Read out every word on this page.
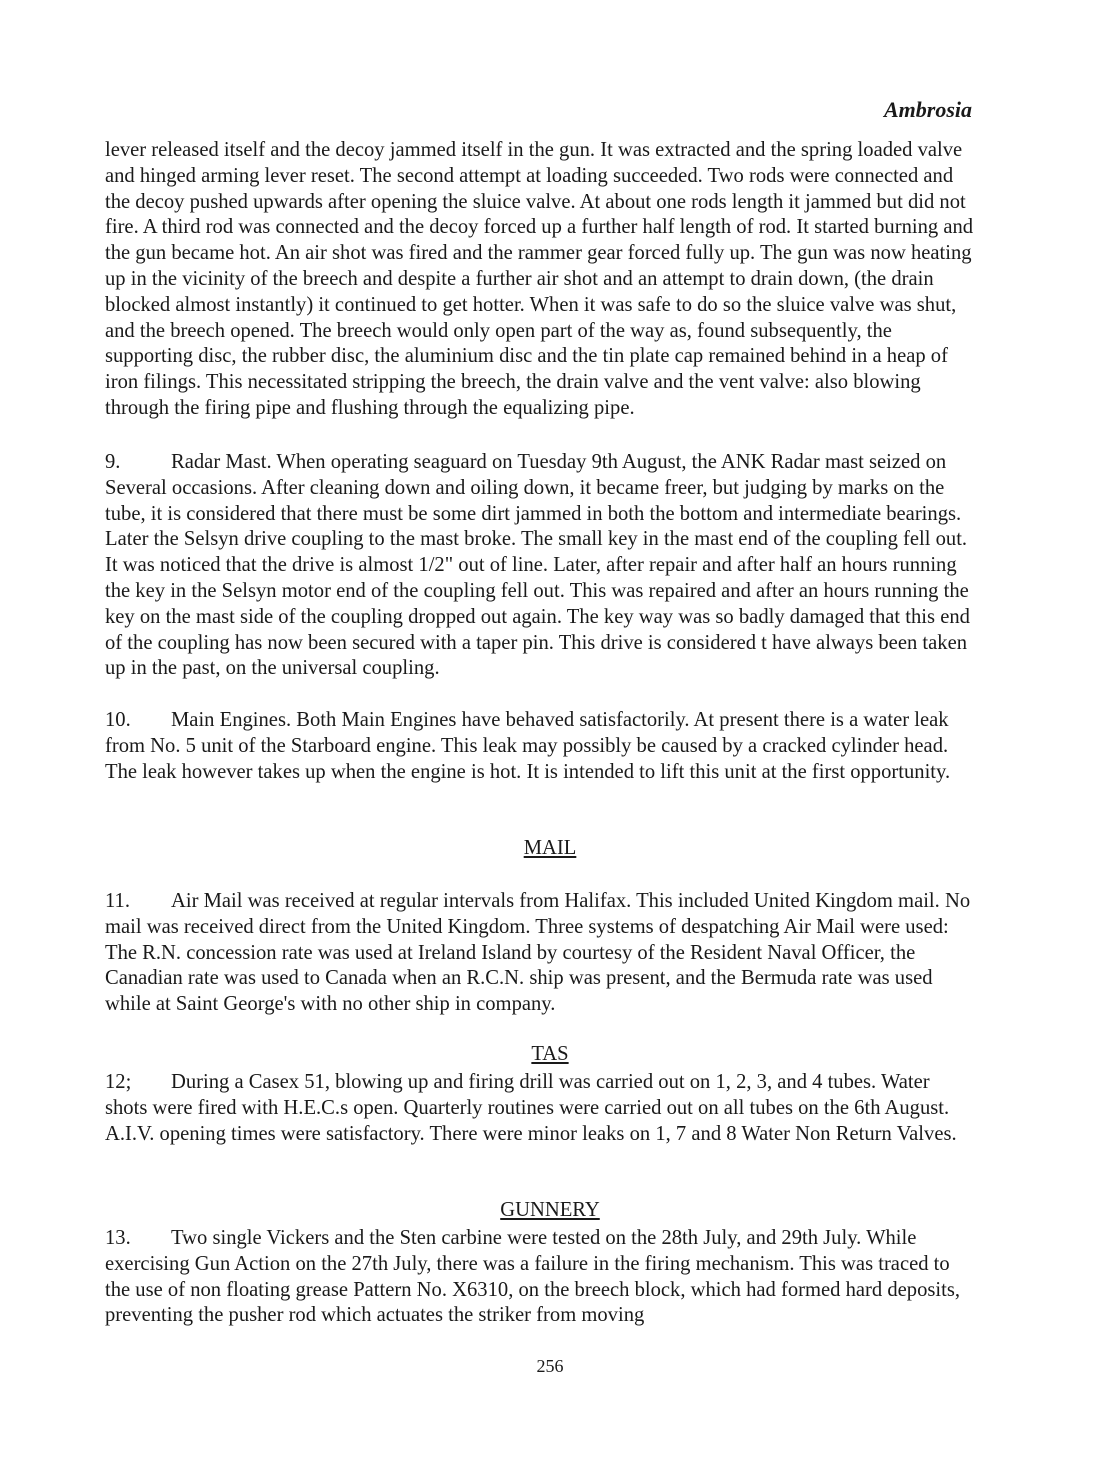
Ambrosia

lever released itself and the decoy jammed itself in the gun. It was extracted and the spring loaded valve and hinged arming lever reset. The second attempt at loading succeeded. Two rods were connected and the decoy pushed upwards after opening the sluice valve. At about one rods length it jammed but did not fire. A third rod was connected and the decoy forced up a further half length of rod. It started burning and the gun became hot. An air shot was fired and the rammer gear forced fully up. The gun was now heating up in the vicinity of the breech and despite a further air shot and an attempt to drain down, (the drain blocked almost instantly) it continued to get hotter. When it was safe to do so the sluice valve was shut, and the breech opened. The breech would only open part of the way as, found subsequently, the supporting disc, the rubber disc, the aluminium disc and the tin plate cap remained behind in a heap of iron filings. This necessitated stripping the breech, the drain valve and the vent valve: also blowing through the firing pipe and flushing through the equalizing pipe.

9. Radar Mast. When operating seaguard on Tuesday 9th August, the ANK Radar mast seized on Several occasions. After cleaning down and oiling down, it became freer, but judging by marks on the tube, it is considered that there must be some dirt jammed in both the bottom and intermediate bearings. Later the Selsyn drive coupling to the mast broke. The small key in the mast end of the coupling fell out. It was noticed that the drive is almost 1/2" out of line. Later, after repair and after half an hours running the key in the Selsyn motor end of the coupling fell out. This was repaired and after an hours running the key on the mast side of the coupling dropped out again. The key way was so badly damaged that this end of the coupling has now been secured with a taper pin. This drive is considered t have always been taken up in the past, on the universal coupling.

10. Main Engines. Both Main Engines have behaved satisfactorily. At present there is a water leak from No. 5 unit of the Starboard engine. This leak may possibly be caused by a cracked cylinder head. The leak however takes up when the engine is hot. It is intended to lift this unit at the first opportunity.

MAIL

11. Air Mail was received at regular intervals from Halifax. This included United Kingdom mail. No mail was received direct from the United Kingdom. Three systems of despatching Air Mail were used: The R.N. concession rate was used at Ireland Island by courtesy of the Resident Naval Officer, the Canadian rate was used to Canada when an R.C.N. ship was present, and the Bermuda rate was used while at Saint George's with no other ship in company.

TAS

12; During a Casex 51, blowing up and firing drill was carried out on 1, 2, 3, and 4 tubes. Water shots were fired with H.E.C.s open. Quarterly routines were carried out on all tubes on the 6th August. A.I.V. opening times were satisfactory. There were minor leaks on 1, 7 and 8 Water Non Return Valves.

GUNNERY

13. Two single Vickers and the Sten carbine were tested on the 28th July, and 29th July. While exercising Gun Action on the 27th July, there was a failure in the firing mechanism. This was traced to the use of non floating grease Pattern No. X6310, on the breech block, which had formed hard deposits, preventing the pusher rod which actuates the striker from moving

256
